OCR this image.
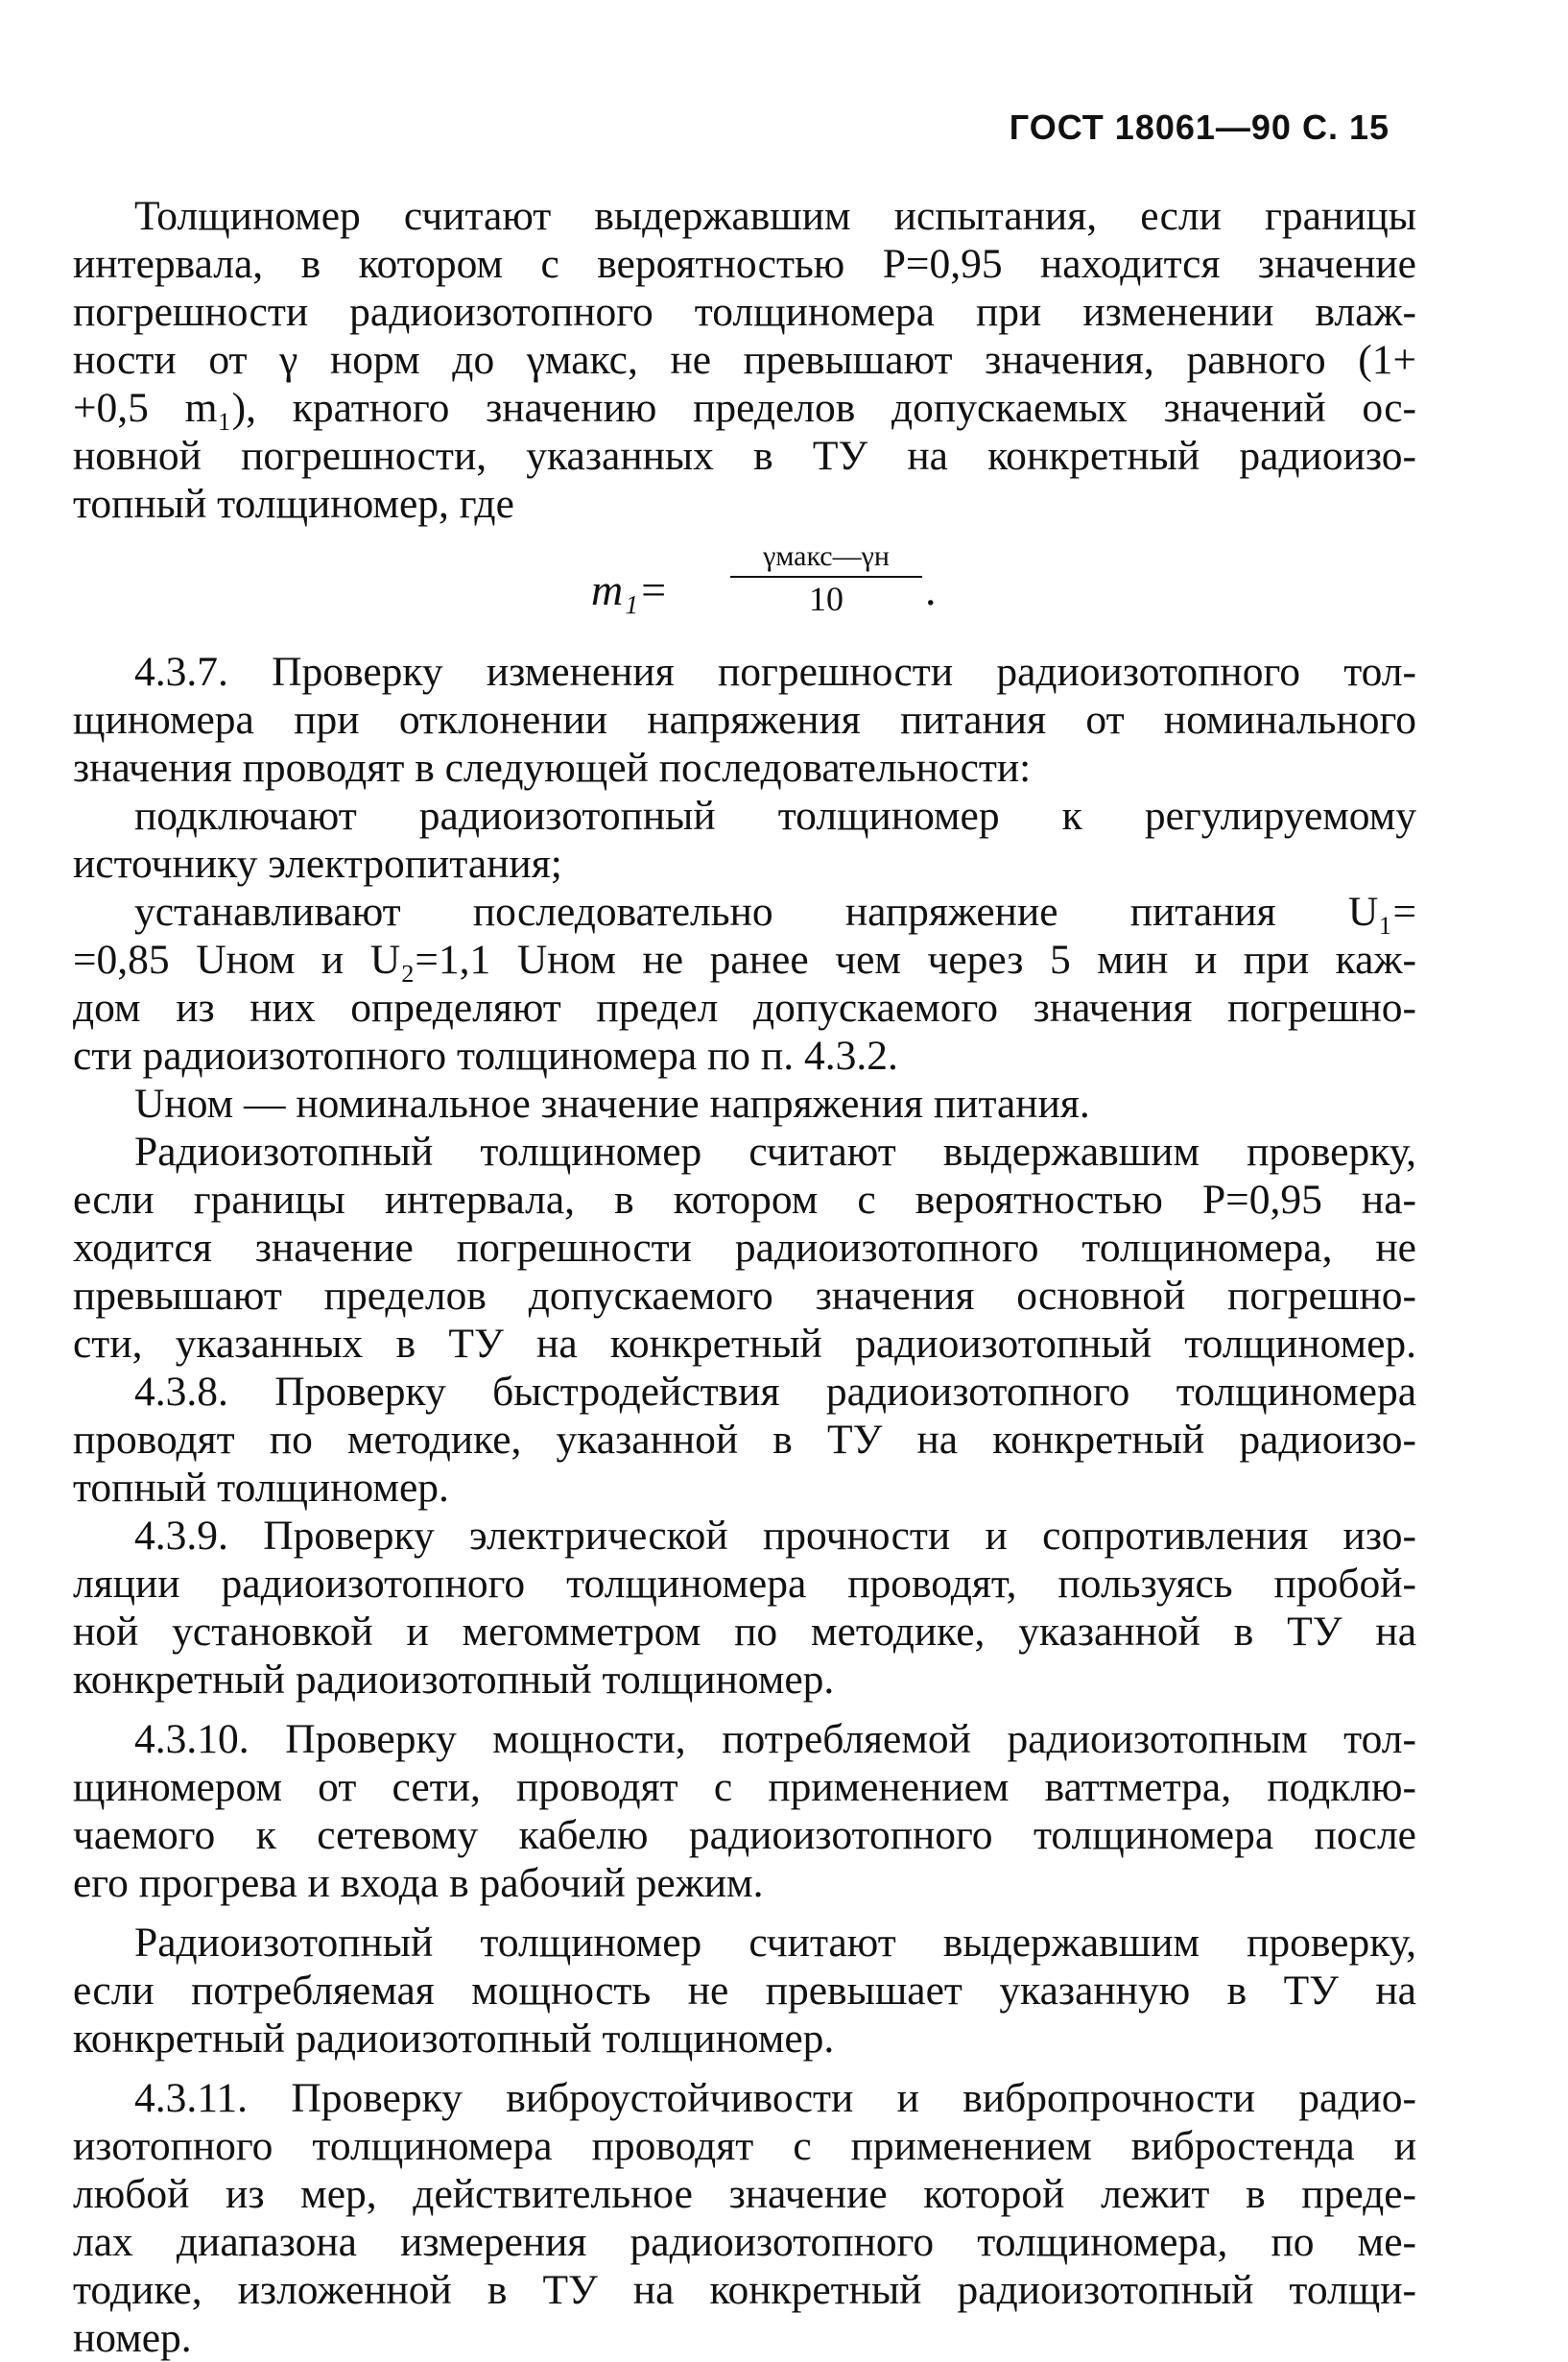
ГОСТ 18061—90 С. 15
Толщиномер считают выдержавшим испытания, если границы
интервала, в котором с вероятностью P=0,95 находится значение
погрешности радиоизотопного толщиномера при изменении влаж-
ности от γ норм до γмакс, не превышают значения, равного (1+
+0,5 m₁), кратного значению пределов допускаемых значений ос-
новной погрешности, указанных в ТУ на конкретный радиоизо-
топный толщиномер, где
m₁=
γмакс—γн
10	.
4.3.7. Проверку изменения погрешности радиоизотопного тол-
щиномера при отклонении напряжения питания от номинального
значения проводят в следующей последовательности:
подключают радиоизотопный толщиномер к регулируемому
источнику электропитания;
устанавливают последовательно напряжение питания U₁=
=0,85 Uном и U₂=1,1 Uном не ранее чем через 5 мин и при каж-
дом из них определяют предел допускаемого значения погрешно-
сти радиоизотопного толщиномера по п. 4.3.2.
Uном — номинальное значение напряжения питания.
Радиоизотопный толщиномер считают выдержавшим проверку,
если границы интервала, в котором с вероятностью P=0,95 на-
ходится значение погрешности радиоизотопного толщиномера, не
превышают пределов допускаемого значения основной погрешно-
сти, указанных в ТУ на конкретный радиоизотопный толщиномер.
4.3.8. Проверку быстродействия радиоизотопного толщиномера
проводят по методике, указанной в ТУ на конкретный радиоизо-
топный толщиномер.
4.3.9. Проверку электрической прочности и сопротивления изо-
ляции радиоизотопного толщиномера проводят, пользуясь пробой-
ной установкой и мегомметром по методике, указанной в ТУ на
конкретный радиоизотопный толщиномер.
4.3.10. Проверку мощности, потребляемой радиоизотопным тол-
щиномером от сети, проводят с применением ваттметра, подклю-
чаемого к сетевому кабелю радиоизотопного толщиномера после
его прогрева и входа в рабочий режим.
Радиоизотопный толщиномер считают выдержавшим проверку,
если потребляемая мощность не превышает указанную в ТУ на
конкретный радиоизотопный толщиномер.
4.3.11. Проверку виброустойчивости и вибропрочности радио-
изотопного толщиномера проводят с применением вибростенда и
любой из мер, действительное значение которой лежит в преде-
лах диапазона измерения радиоизотопного толщиномера, по ме-
тодике, изложенной в ТУ на конкретный радиоизотопный толщи-
номер.
